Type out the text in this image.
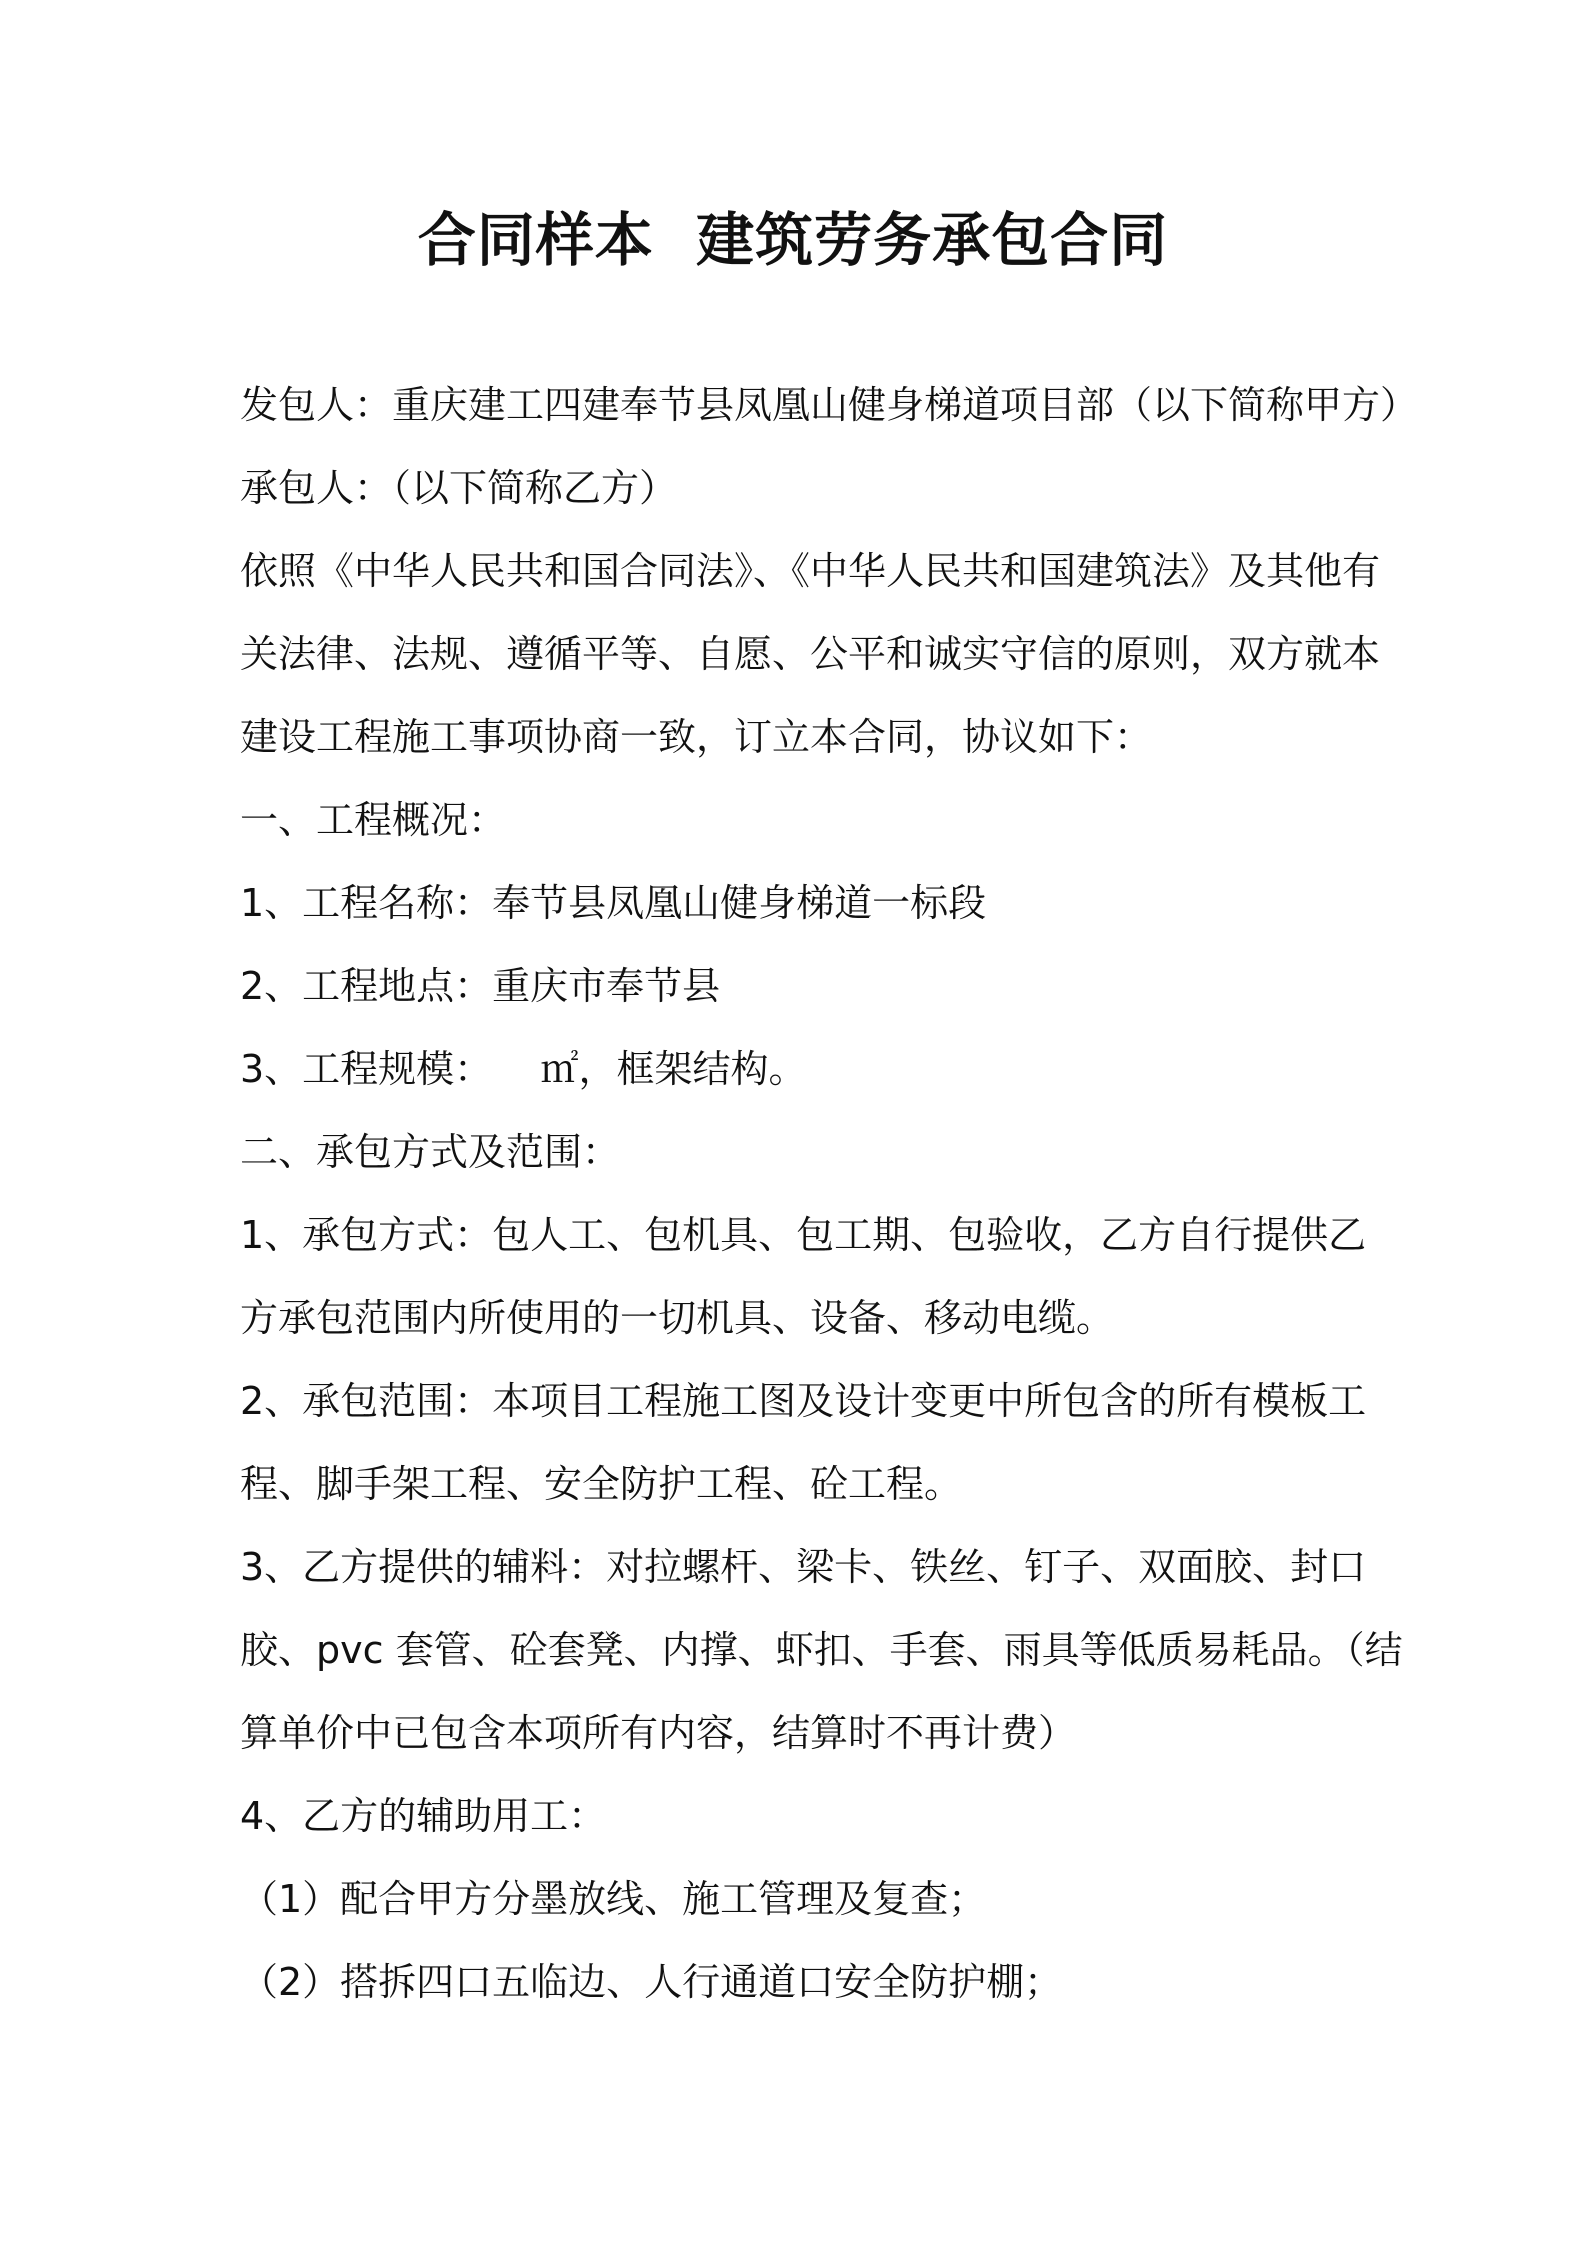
合同样本  建筑劳务承包合同
发包人：重庆建工四建奉节县凤凰山健身梯道项目部（以下简称甲方）
承包人：（以下简称乙方）
依照《中华人民共和国合同法》、《中华人民共和国建筑法》及其他有
关法律、法规、遵循平等、自愿、公平和诚实守信的原则，双方就本
建设工程施工事项协商一致，订立本合同，协议如下：
一、工程概况：
1、工程名称：奉节县凤凰山健身梯道一标段
2、工程地点：重庆市奉节县
3、工程规模：    ㎡，框架结构。
二、承包方式及范围：
1、承包方式：包人工、包机具、包工期、包验收，乙方自行提供乙
方承包范围内所使用的一切机具、设备、移动电缆。
2、承包范围：本项目工程施工图及设计变更中所包含的所有模板工
程、脚手架工程、安全防护工程、砼工程。
3、乙方提供的辅料：对拉螺杆、梁卡、铁丝、钉子、双面胶、封口
胶、pvc 套管、砼套凳、内撑、虾扣、手套、雨具等低质易耗品。（结
算单价中已包含本项所有内容，结算时不再计费）
4、乙方的辅助用工：
（1）配合甲方分墨放线、施工管理及复查；
（2）搭拆四口五临边、人行通道口安全防护棚；
